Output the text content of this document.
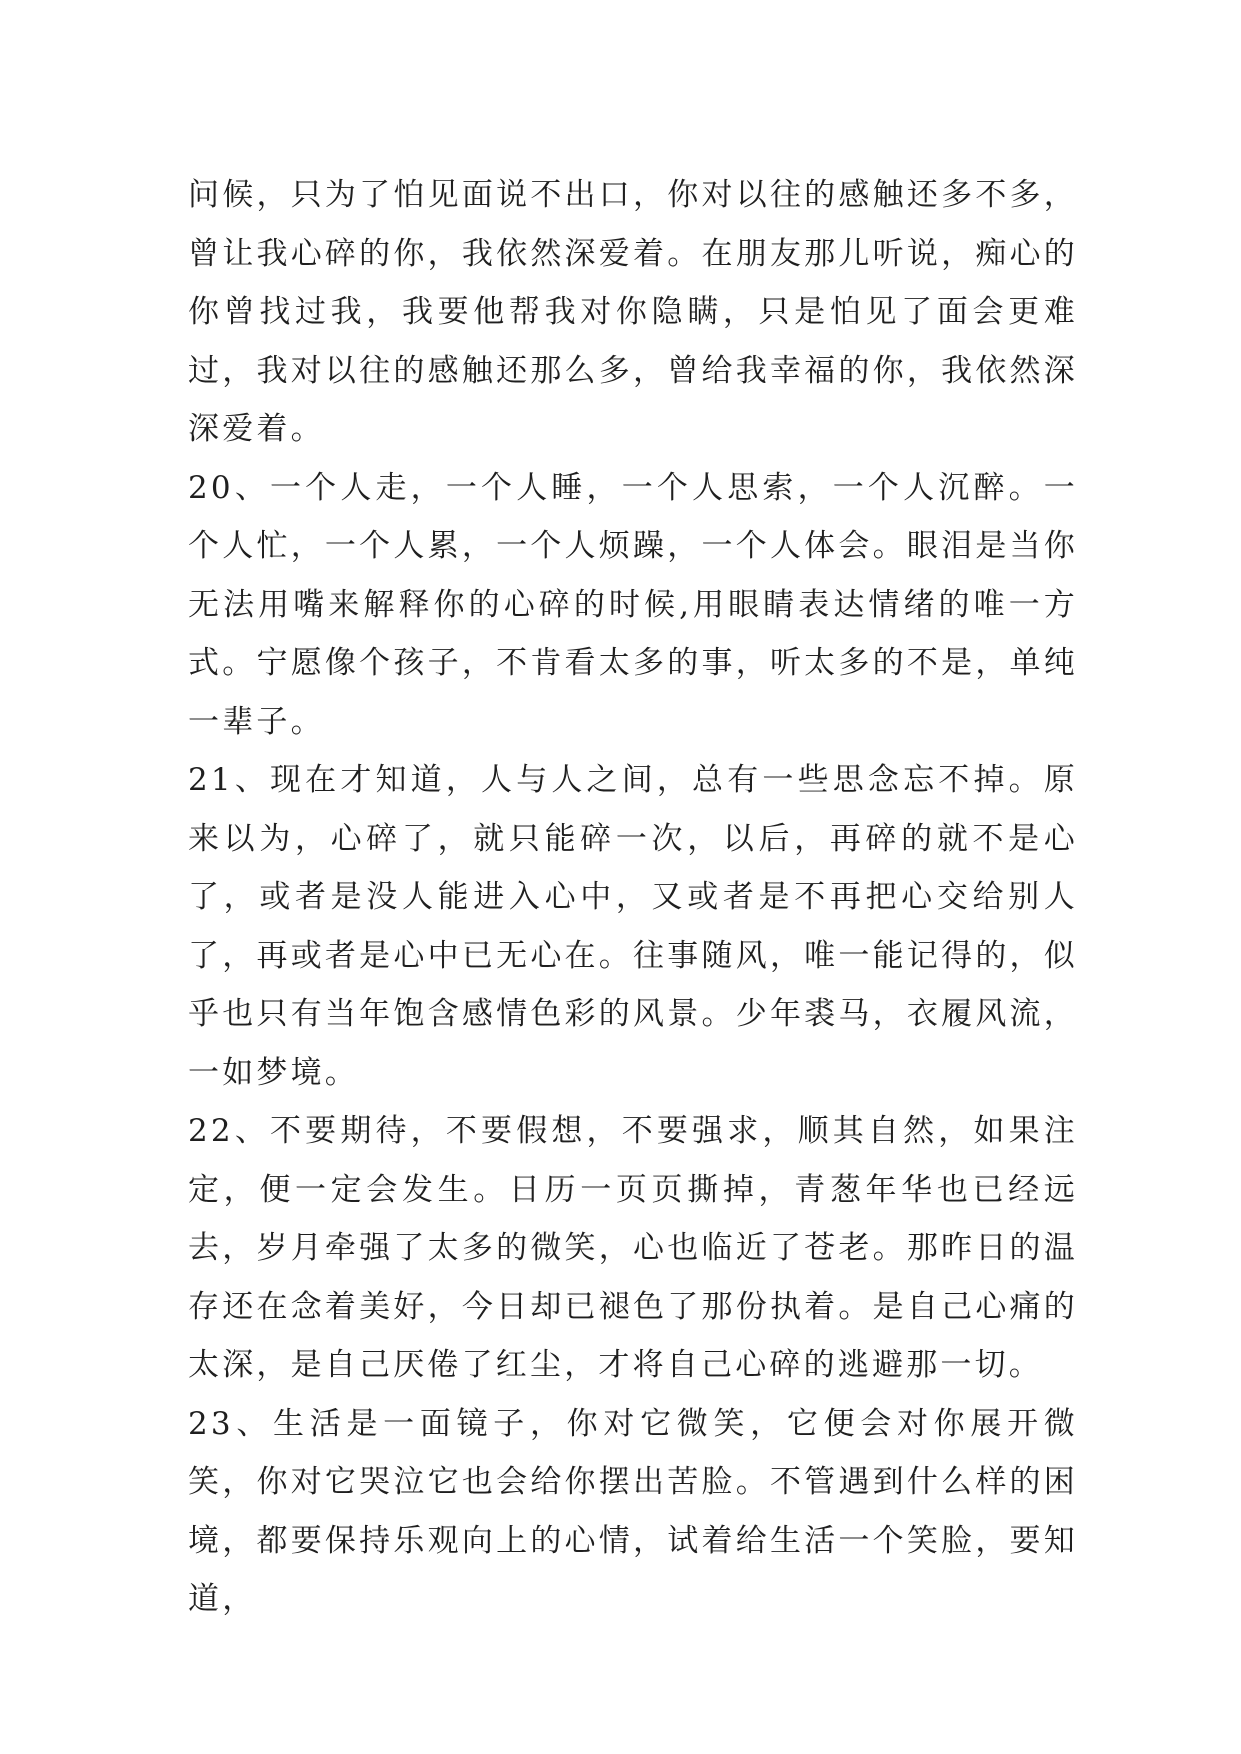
问候，只为了怕见面说不出口，你对以往的感触还多不多，曾让我心碎的你，我依然深爱着。在朋友那儿听说，痴心的你曾找过我，我要他帮我对你隐瞒，只是怕见了面会更难过，我对以往的感触还那么多，曾给我幸福的你，我依然深深爱着。

20、一个人走，一个人睡，一个人思索，一个人沉醉。一个人忙，一个人累，一个人烦躁，一个人体会。眼泪是当你无法用嘴来解释你的心碎的时候,用眼睛表达情绪的唯一方式。宁愿像个孩子，不肯看太多的事，听太多的不是，单纯一辈子。

21、现在才知道，人与人之间，总有一些思念忘不掉。原来以为，心碎了，就只能碎一次，以后，再碎的就不是心了，或者是没人能进入心中，又或者是不再把心交给别人了，再或者是心中已无心在。往事随风，唯一能记得的，似乎也只有当年饱含感情色彩的风景。少年裘马，衣履风流，一如梦境。

22、不要期待，不要假想，不要强求，顺其自然，如果注定，便一定会发生。日历一页页撕掉，青葱年华也已经远去，岁月牵强了太多的微笑，心也临近了苍老。那昨日的温存还在念着美好，今日却已褪色了那份执着。是自己心痛的太深，是自己厌倦了红尘，才将自己心碎的逃避那一切。

23、生活是一面镜子，你对它微笑，它便会对你展开微笑，你对它哭泣它也会给你摆出苦脸。不管遇到什么样的困境，都要保持乐观向上的心情，试着给生活一个笑脸，要知道，
